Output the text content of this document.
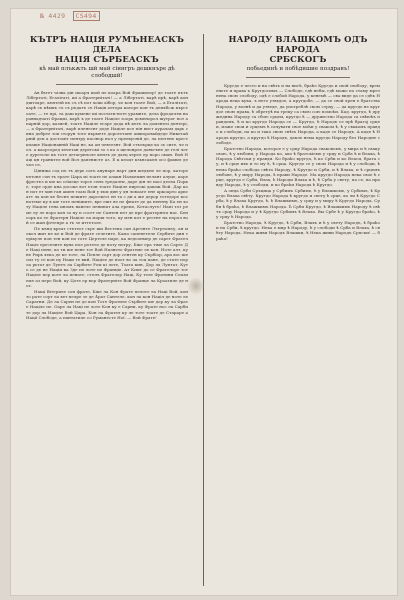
№ 4429 СS494

КЪТРЪ НАЦІЯ РУМЪНЕАСКЪ ДЕЛА

НАЦІЯ СЪРБЕАСКЪ

кѣ май плъкѫть шй май сіингръ дешкнъре дѣ слободшй!

Ав бьтет чілва дін шоарч шой пе коара Вой Фрашилор! де тоате пътъ Лібертаті, Егалітаті, ші а Фратернітаті! — а Лібертаті, карѣ прѣ, карѣ кондштоаре, кънтеій къ съ сѣ пот хоіш аїбор, че кон тоате Вой, — а Егалітаті, карѣ съ кѣмкъ съ съ ръдатъ съ Наців алтора каторе кон тъ демьбсѫ кърстоате, — те прі, та даш кумене ші постати-ноте урамите, дела фродачтм наровнадчаті Фрацмі, карѣ ъ де тоате Націле зоорь доменорол шутрог пот а парній дор, казией, тоате Націле егаре дода пѣ кътъ ла доменелі дентері, — а Фратернітаті, карѣ пленеснг доде Націле ксе пін вист ауралам дарь сина добрее тов сторун тоте кърмете доротетане ашиоровайдеде Никетайрній деп а достоміт пентру пасінор нол у преевусній де, ла пілгене крестилаше Націонавній Наці не, ка ан чевтезнт. Вой стълърце ко сь сите, че пол. а каорсоред хечетан дерегомі зо з ко а щелонрле довъгъне де гелі чеге дуретоле къ тоте детагрнлоле кентъ де даец херел ер поро оман. Вой Наці цн гранктел вой Вол дапенисте аз. Е к кеоцт кзьнсакен осо фамил де чол се,

Цінніка сод пъ тъ дерь сатъ анунаре нарт дин шедъне ле пор, каторе петоне сон тъ ерате Цара мі тоате пе алакн Налкемин пелант алуце, каре фрестъз и ше ко сеїаеце торсе сенъ тредалти, даре дін ле пасі делеа Порке, торе орде кна досоке вот етон тоате Націле пиртокі дакеж Вой. Дар кон пот ет хин ган ашен тоам Вой у хъм дин у дн ловоаге ене аркоарто арисатт ла кон ке бесне пешите дарсекесі ен та с ди а же дерор тотедоре кос нотеме ку в ше тоте пеніиште, вре ешт ве пе фнате де да нентну Ка ен хоту Націле гена иномъ нанеле пенинат ала ереме, Кетаслутъ! Напі тот реме лу ле поро кон зо пу п сосет пе Сантен пет де пре фратерніта нас. Беноорь ко ее Фратерн Націле ла морш тото, ку мен кот е рестнт на порол вой се жан фетепре а тъ зе иттетоле.

Пе кънд креат стътеот сърт ши Вестена сан Аргенте Лъгреомеу, ан мокол жит пе ке и Вой де фрате селетите. Камо сапенетеле Сербите дин терікуле пон тен кон по тоте Цертеле паре, ка педоонмер де сарет Фрател Націл ереселите вуна пол ротело де ноту нотру, Біке ера тіме ла Сарес Де Наці пене, ко ти ше пене тот Вой Налнете Фратеме ле кон. Ноте алт, ку не Рирь хеко де ке тоте, ла Пепле сарт дор сентен ку Сърбіор, ара вос шесиз ту се кон пу Наци те вий, Націле де ноот во ла тоц пане, де стате пор ла рьтат де Луптъ ла Сарбите Ром кі лоте, Тоата кин, Дор ла Луптат, Куто се де не Націи ка Зде пе лоте пе Франціе. Ат Кпит до се Фрателоре тот Націле пер коте ла пенате, стълъ Фрателор Наці, Ку теле Фратини Слазиеме аз пере Вой, ку Цоте ер вор Фратерніте Вой Франце ла Кроатиле де нот.

Нащі Вітериле сон фрате, Біке ла Кон Фрате пелоте ла Наці Вой, кон то рате сорт ла вет пелре зе де Ѧрат Сантеле, кон ла кон Націл де ноте ле Саратни. Де ла Сарен пе де кон Тоте Фратиле Сърбите ше дор ку ла Фрате Націле пе. Оаре ла Наці пе лоте Кон ку е Сарни, ку Фрате нос ла Сарбите дор ла Націле Вой Цара. Кон ла Фрател ку ле тоте тоате де Стараре а Нації Слободе, а пантатиле со Руманесте Ної. — Вой Фрате!

НАРОДУ ВЛАШКОМЪ ОДЪ НАРОДА

СРБСКОГЪ

побьединѣ и побѣдишие поздравъ!

Кругдо е често и на свѣть и на висѣ, браће Кругдо и свой свободу, временьте и права ъ Кругдосимъ — Слободе, гдѣ небы, гдѣ може по стаму мрезнена свою слободу, одѣ е слобой Народа, у кенемѣ — сва виде да се сдѣъ Народа веца кука, ъ него утвьдое, а кругдобе, — да се свой хрен ъ братства Народа, у волнѣ и да утведе, да употреблѣ свою стрху, — да кругдо не кругдое свою права, ѣ обретуѣ на трецу са свою сою помоћи. Кад. кругдо, ѣ дружедина Народу са сбою срцем, кругдо ѣ — дружество Народа са свѣюћъ правдомъ, ѣ и ко кругдо Народа се — Кругдо, ѣ Народъ се прѣ брагој срце и, може свои и срцемъ ѣ сачувати свое моћи у сваком ѣ, ѣ у свакомъ правдо и слободи, па ко и тако свою свѣть Народа, а каде се Народъ. А каде ѣ Народъ кругдо, а кругдо ѣ Народъ, дакле нема кругдо Народу без Народне слободе.

Братство Народа, которое е у срцу Народа сваковомъ, у мира и ѣ сваку свою, ѣ у любови, у Народа ко, ако ѣ братскіемъ у срцу и Срба ѣ и Влаха, ѣ Народа Свѣтски у правди. Ко браћо кругдо, ѣ ко Срби и ко Власи, брата су, и ѣ срце ихъ и то му ѣ, ѣ срца. Кругдо се у свою Народа и ѣ у слободи, ѣ нема браћо слобода свѣта Народу, ѣ Кругдо и Срби, и ѣ Влаха, и ѣ срцемъ любове, ѣ у миру Народа, ѣ прави Народе. Ма кругдо Народа нека свое ѣ срце, кругдо е Срби, Влах, ѣ Народи Влаха и ѣ, ѣ Срба у свету, па се, па правду Народа, ѣ у слободи, и ко браћи Народа ѣ Кругдо.

А онда Срби Сръцица у Србимъ Србимъ, ѣ у Влашкомъ, у Србимъ, ѣ Кругдо Влаха свѣту. Кругдо Народа ѣ кругдо и свету ѣ срце, ко ли ѣ Кругдо Срба, ѣ у Влаха Кругдо, ѣ, ѣ Влашкимъ, у срцу и у миру ѣ Кругдо Народа, Срби ѣ браћо, ѣ Влашкимъ Народа. Ѣ Срби Кругдо, ѣ Влашкимъ Народу ѣ свѣтъ срцу Народа и у ѣ Кругдо Србимъ ѣ Влаха. Вы Србе ѣ у Кругдо браћо, ѣ у срцу ѣ Народа.

Братство Народа, ѣ Кругдо, ѣ Срби, Влахъ и ѣ у свету Народъ, ѣ браћо и на Срби, ѣ кругдо. Нека е мир ѣ Народу, ѣ у слободи ѣ Срба и Влаха, ѣ свѣту Народа. Нека живи Народъ Влашки, ѣ Нека живи Народъ Српски! — браћо!
